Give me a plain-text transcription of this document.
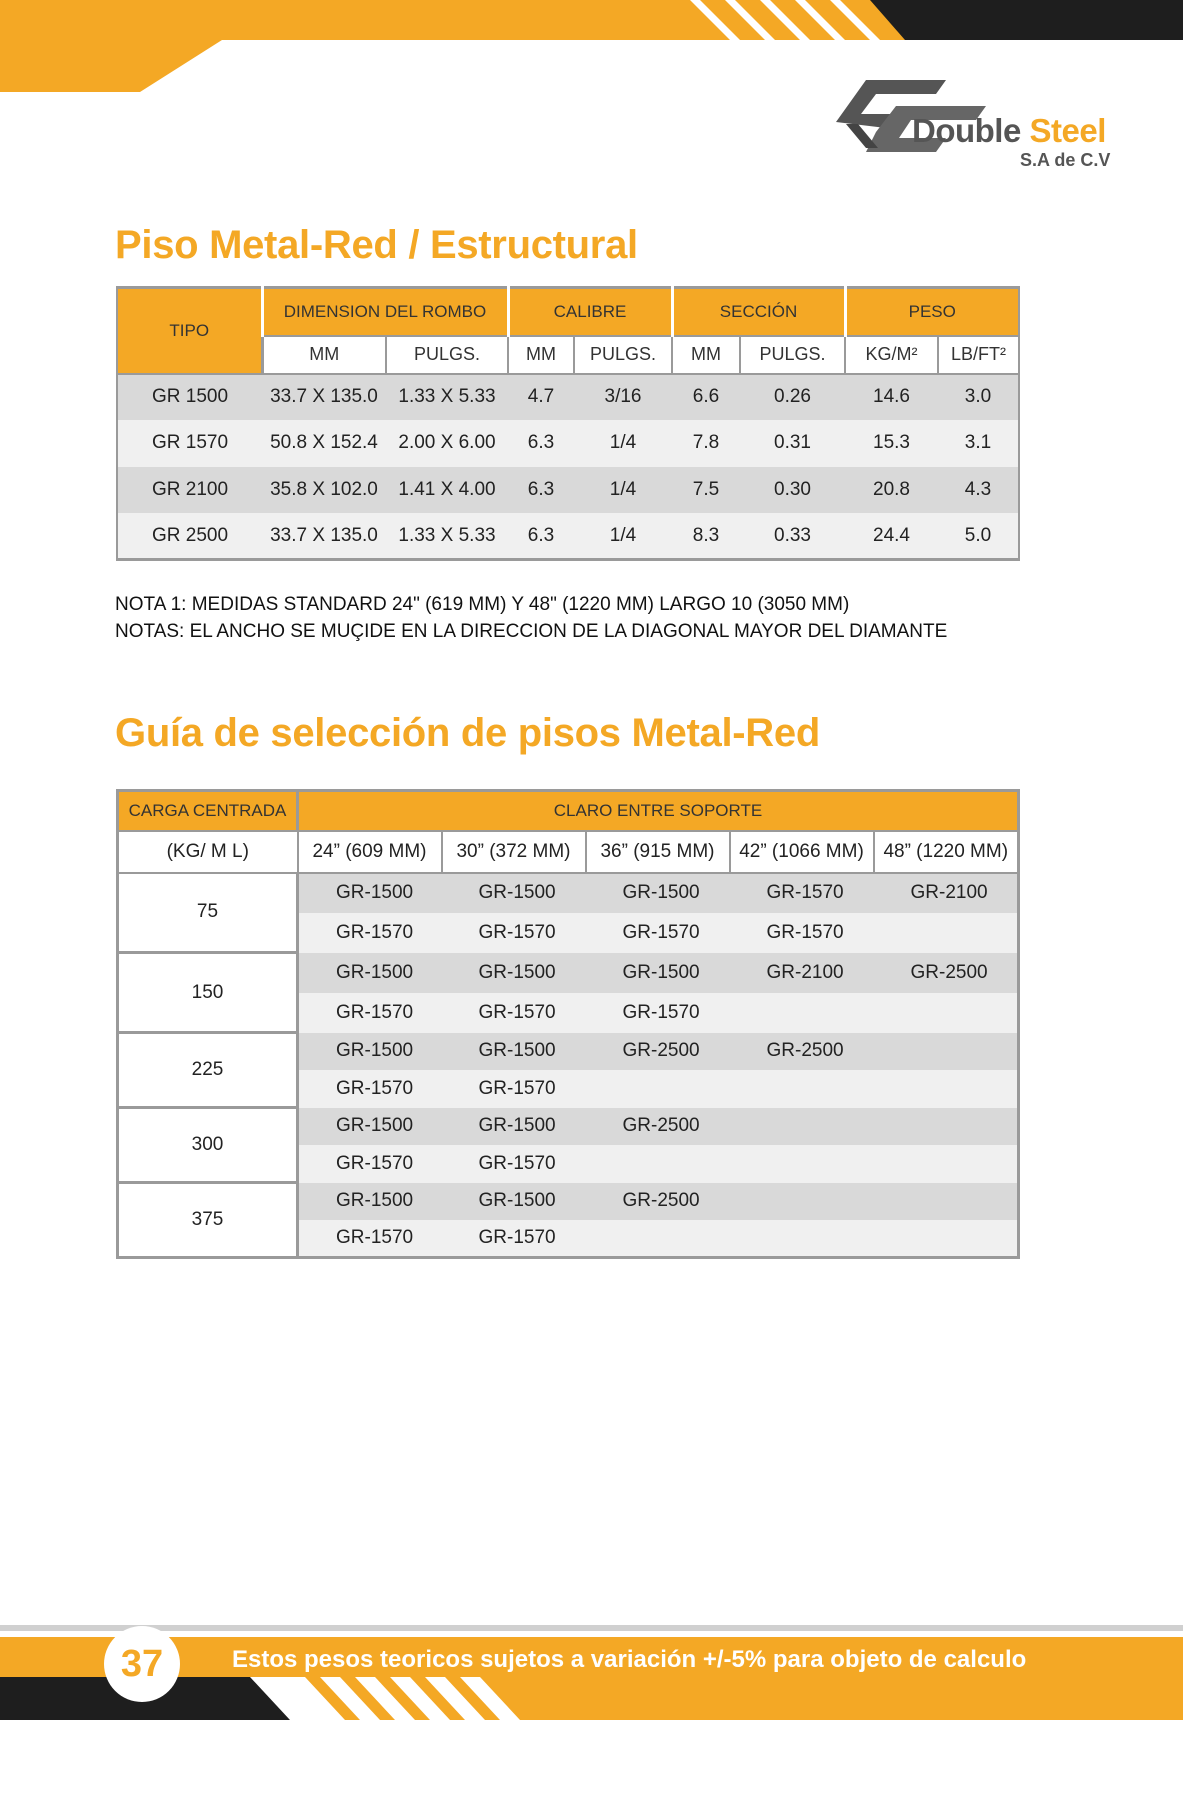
Double Steel
S.A de C.V
Piso Metal-Red / Estructural
TIPO	DIMENSION DEL ROMBO		CALIBRE		SECCIÓN		PESO	
	MM	PULGS.	MM	PULGS.	MM	PULGS.	KG/M²	LB/FT²
GR 1500	33.7 X 135.0	1.33 X 5.33	4.7	3/16	6.6	0.26	14.6	3.0
GR 1570	50.8 X 152.4	2.00 X 6.00	6.3	1/4	7.8	0.31	15.3	3.1
GR 2100	35.8 X 102.0	1.41 X 4.00	6.3	1/4	7.5	0.30	20.8	4.3
GR 2500	33.7 X 135.0	1.33 X 5.33	6.3	1/4	8.3	0.33	24.4	5.0
NOTA 1: MEDIDAS STANDARD 24" (619 MM) Y 48" (1220 MM) LARGO 10 (3050 MM)
NOTAS: EL ANCHO SE MUÇIDE EN LA DIRECCION DE LA DIAGONAL MAYOR DEL DIAMANTE
Guía de selección de pisos Metal-Red
CARGA CENTRADA	CLARO ENTRE SOPORTE				
(KG/ M L)	24” (609 MM)	30” (372 MM)	36” (915 MM)	42” (1066 MM)	48” (1220 MM)
75	GR-1500	GR-1500	GR-1500	GR-1570	GR-2100
	GR-1570	GR-1570	GR-1570	GR-1570	
150	GR-1500	GR-1500	GR-1500	GR-2100	GR-2500
	GR-1570	GR-1570	GR-1570		
225	GR-1500	GR-1500	GR-2500	GR-2500	
	GR-1570	GR-1570			
300	GR-1500	GR-1500	GR-2500		
	GR-1570	GR-1570			
375	GR-1500	GR-1500	GR-2500		
	GR-1570	GR-1570			
37	Estos pesos teoricos sujetos a variación +/-5% para objeto de calculo
